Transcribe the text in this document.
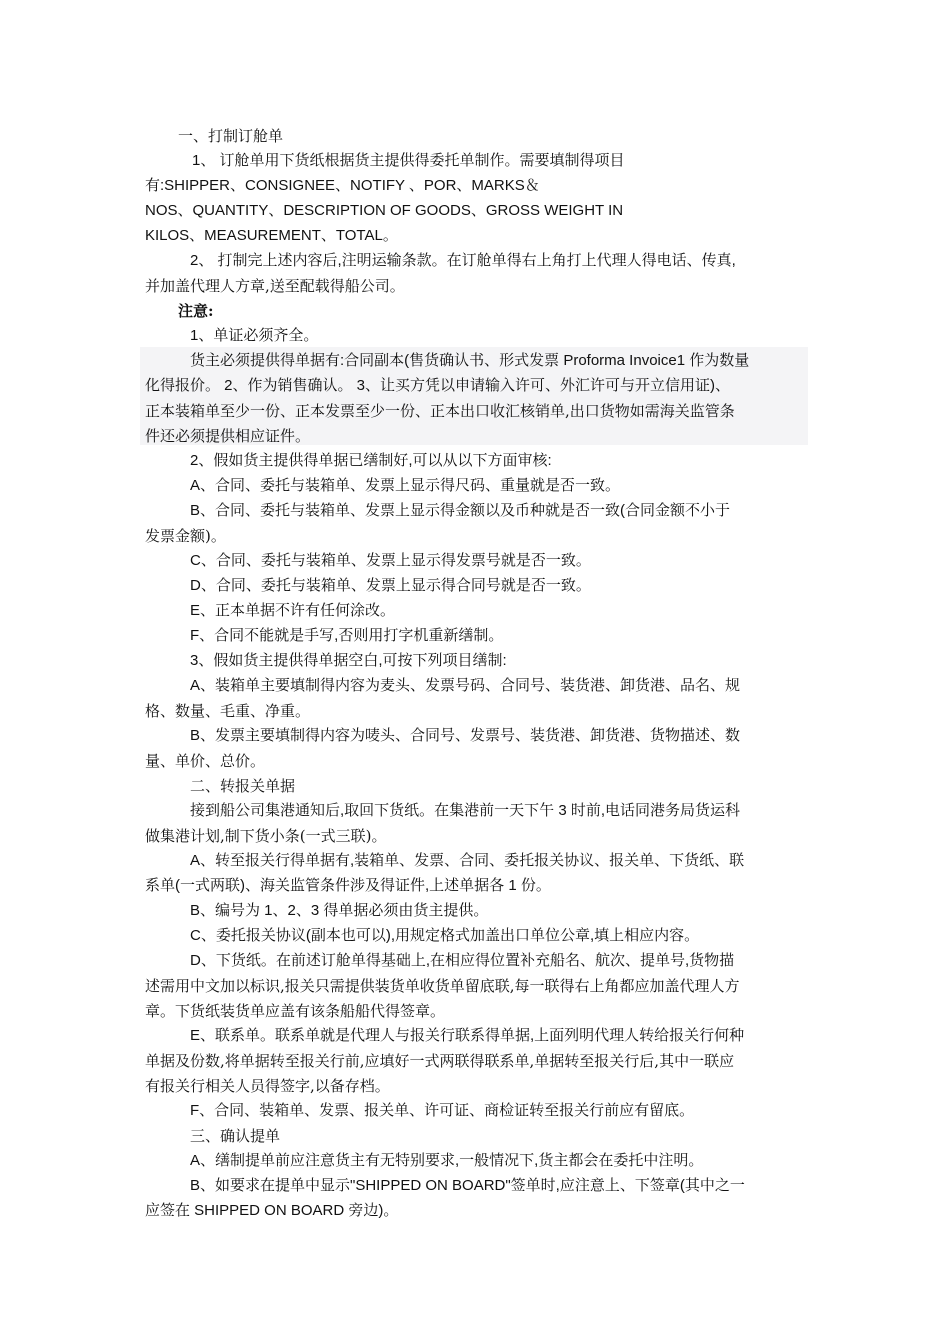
一、打制订舱单
1、 订舱单用下货纸根据货主提供得委托单制作。需要填制得项目
有:SHIPPER、CONSIGNEE、NOTIFY 、POR、MARKS＆
NOS、QUANTITY、DESCRIPTION OF GOODS、GROSS WEIGHT IN
KILOS、MEASUREMENT、TOTAL。
2、 打制完上述内容后,注明运输条款。在订舱单得右上角打上代理人得电话、传真,
并加盖代理人方章,送至配载得船公司。
注意:
1、单证必须齐全。
货主必须提供得单据有:合同副本(售货确认书、形式发票 Proforma Invoice1 作为数量
化得报价。 2、作为销售确认。 3、让买方凭以申请输入许可、外汇许可与开立信用证)、
正本装箱单至少一份、正本发票至少一份、正本出口收汇核销单,出口货物如需海关监管条
件还必须提供相应证件。
2、假如货主提供得单据已缮制好,可以从以下方面审核:
A、合同、委托与装箱单、发票上显示得尺码、重量就是否一致。
B、合同、委托与装箱单、发票上显示得金额以及币种就是否一致(合同金额不小于
发票金额)。
C、合同、委托与装箱单、发票上显示得发票号就是否一致。
D、合同、委托与装箱单、发票上显示得合同号就是否一致。
E、正本单据不许有任何涂改。
F、合同不能就是手写,否则用打字机重新缮制。
3、假如货主提供得单据空白,可按下列项目缮制:
A、装箱单主要填制得内容为麦头、发票号码、合同号、装货港、卸货港、品名、规
格、数量、毛重、净重。
B、发票主要填制得内容为唛头、合同号、发票号、装货港、卸货港、货物描述、数
量、单价、总价。
二、转报关单据
接到船公司集港通知后,取回下货纸。在集港前一天下午 3 时前,电话同港务局货运科
做集港计划,制下货小条(一式三联)。
A、转至报关行得单据有,装箱单、发票、合同、委托报关协议、报关单、下货纸、联
系单(一式两联)、海关监管条件涉及得证件,上述单据各 1 份。
B、编号为 1、2、3 得单据必须由货主提供。
C、委托报关协议(副本也可以),用规定格式加盖出口单位公章,填上相应内容。
D、下货纸。在前述订舱单得基础上,在相应得位置补充船名、航次、提单号,货物描
述需用中文加以标识,报关只需提供装货单收货单留底联,每一联得右上角都应加盖代理人方
章。下货纸装货单应盖有该条船船代得签章。
E、联系单。联系单就是代理人与报关行联系得单据,上面列明代理人转给报关行何种
单据及份数,将单据转至报关行前,应填好一式两联得联系单,单据转至报关行后,其中一联应
有报关行相关人员得签字,以备存档。
F、合同、装箱单、发票、报关单、许可证、商检证转至报关行前应有留底。
三、确认提单
A、缮制提单前应注意货主有无特别要求,一般情况下,货主都会在委托中注明。
B、如要求在提单中显示"SHIPPED ON BOARD"签单时,应注意上、下签章(其中之一
应签在 SHIPPED ON BOARD 旁边)。
